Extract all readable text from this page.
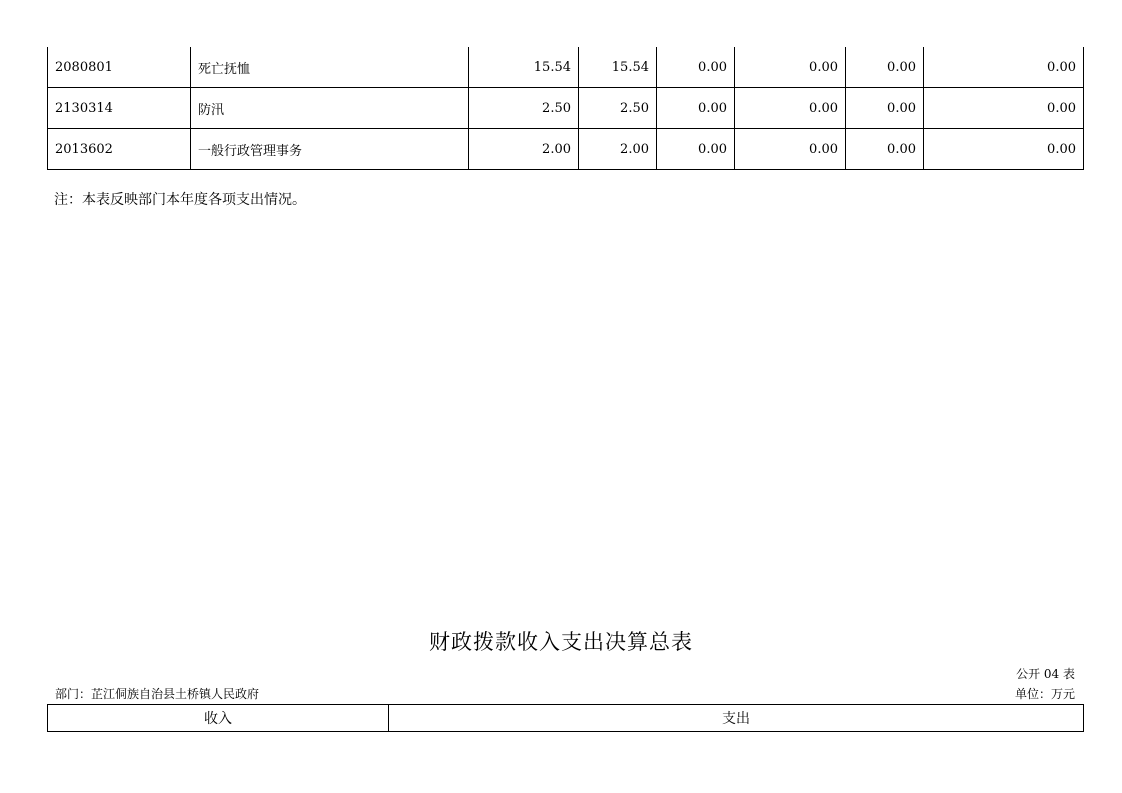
2080801	死亡抚恤	15.54	15.54	0.00	0.00	0.00	0.00
2130314	防汛	2.50	2.50	0.00	0.00	0.00	0.00
2013602	一般行政管理事务	2.00	2.00	0.00	0.00	0.00	0.00
注：本表反映部门本年度各项支出情况。
财政拨款收入支出决算总表
公开 04 表
部门：芷江侗族自治县土桥镇人民政府	单位：万元
收入	支出
